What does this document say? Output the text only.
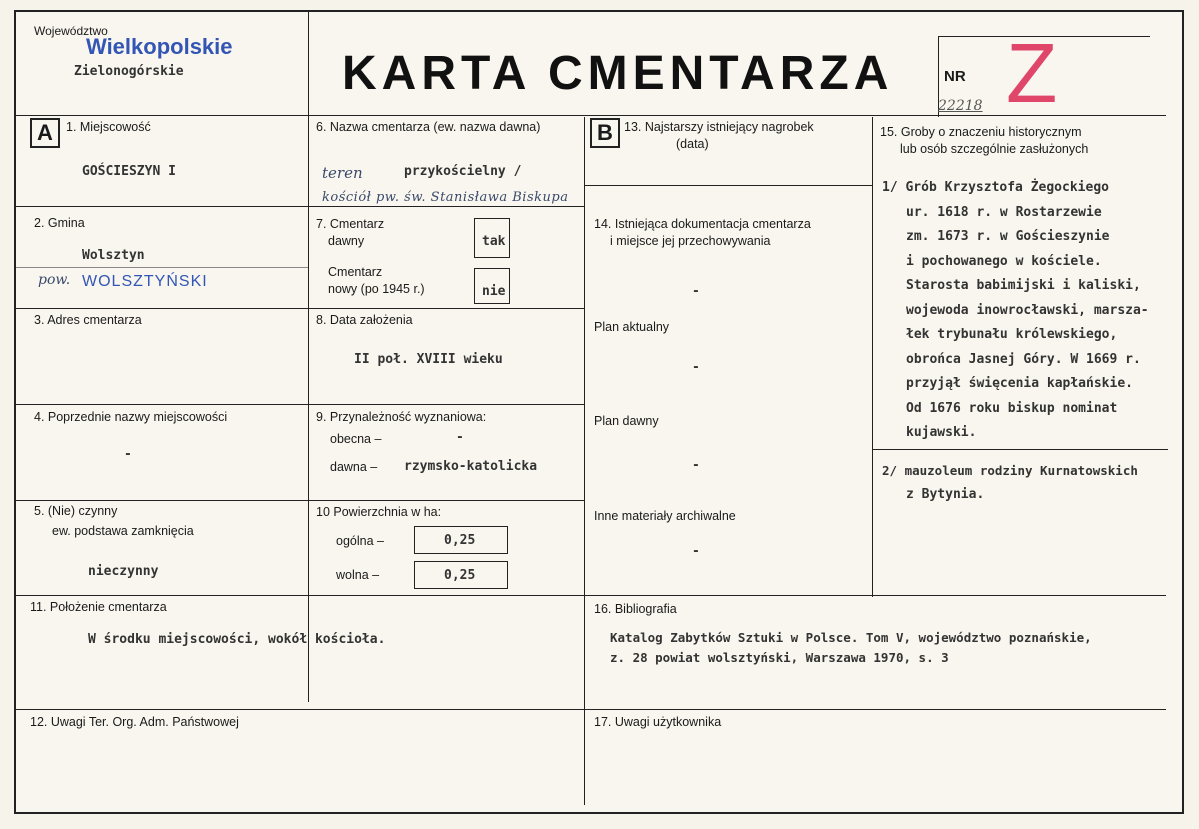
Województwo
Wielkopolskie
Zielonogórskie	KARTA CMENTARZA	NR
22218 Z
A	1. Miejscowość
GOŚCIESZYN I
2. Gmina
Wolsztyn
pow. WOLSZTYŃSKI
3. Adres cmentarza
4. Poprzednie nazwy miejscowości
-
5. (Nie) czynny
ew. podstawa zamknięcia
nieczynny
6. Nazwa cmentarza (ew. nazwa dawna)
teren	przykościelny /
kościół pw. św. Stanisława Biskupa
7. Cmentarz
dawny	tak
Cmentarz
nowy (po 1945 r.)	nie
8. Data założenia
II poł. XVIII wieku
9. Przynależność wyznaniowa:
obecna –	-
dawna – rzymsko-katolicka
10 Powierzchnia w ha:
ogólna –	0,25
wolna –	0,25
B 13. Najstarszy istniejący nagrobek
(data)
14. Istniejąca dokumentacja cmentarza
i miejsce jej przechowywania
-
Plan aktualny
-
Plan dawny
-
Inne materiały archiwalne
-
15. Groby o znaczeniu historycznym
lub osób szczególnie zasłużonych
1/ Grób Krzysztofa Żegockiego
ur. 1618 r. w Rostarzewie
zm. 1673 r. w Gościeszynie
i pochowanego w kościele.
Starosta babimijski i kaliski,
wojewoda inowrocławski, marsza-
łek trybunału królewskiego,
obrońca Jasnej Góry. W 1669 r.
przyjął święcenia kapłańskie.
Od 1676 roku biskup nominat
kujawski.
2/ mauzoleum rodziny Kurnatowskich
z Bytynia.
11. Położenie cmentarza
W środku miejscowości, wokół kościoła.
16. Bibliografia
Katalog Zabytków Sztuki w Polsce. Tom V, województwo poznańskie,
z. 28 powiat wolsztyński, Warszawa 1970, s. 3
12. Uwagi Ter. Org. Adm. Państwowej	17. Uwagi użytkownika
